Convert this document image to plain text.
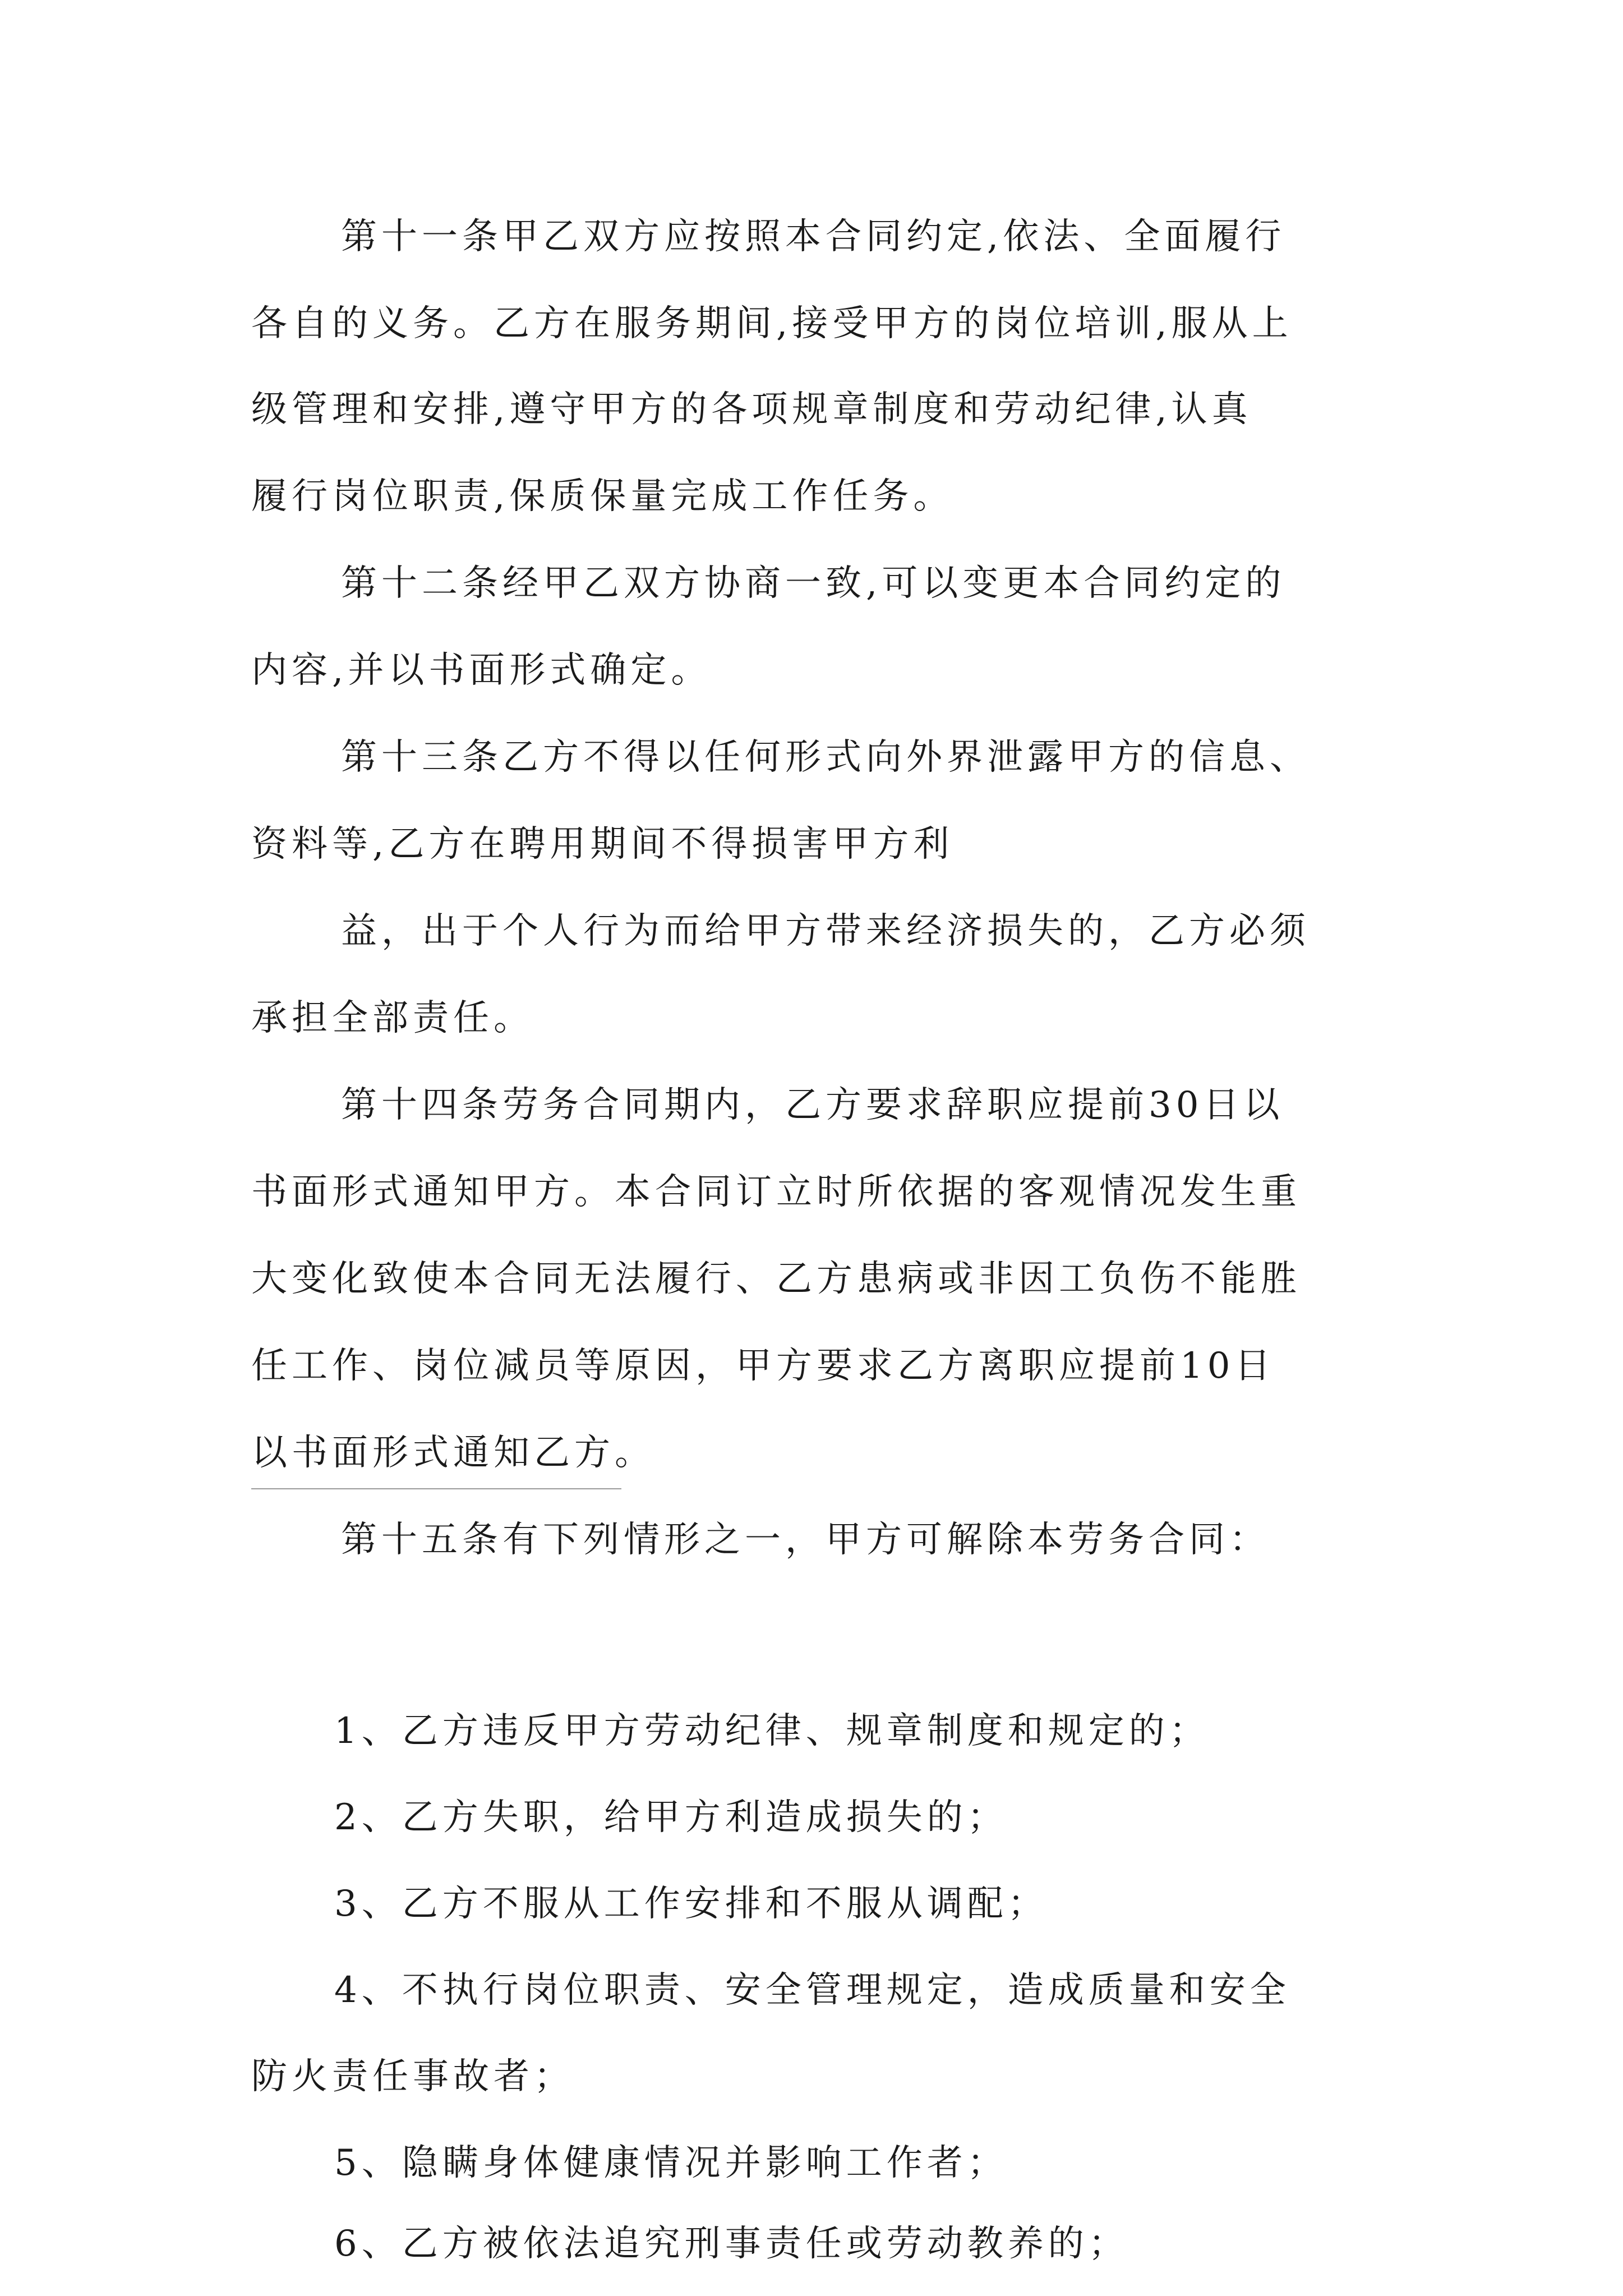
第十一条甲乙双方应按照本合同约定,依法、全面履行
各自的义务。乙方在服务期间,接受甲方的岗位培训,服从上
级管理和安排,遵守甲方的各项规章制度和劳动纪律,认真
履行岗位职责,保质保量完成工作任务。
第十二条经甲乙双方协商一致,可以变更本合同约定的
内容,并以书面形式确定。
第十三条乙方不得以任何形式向外界泄露甲方的信息、
资料等,乙方在聘用期间不得损害甲方利
益，出于个人行为而给甲方带来经济损失的，乙方必须
承担全部责任。
第十四条劳务合同期内，乙方要求辞职应提前30日以
书面形式通知甲方。本合同订立时所依据的客观情况发生重
大变化致使本合同无法履行、乙方患病或非因工负伤不能胜
任工作、岗位减员等原因，甲方要求乙方离职应提前10日
以书面形式通知乙方。
第十五条有下列情形之一，甲方可解除本劳务合同：
1、乙方违反甲方劳动纪律、规章制度和规定的；
2、乙方失职，给甲方利造成损失的；
3、乙方不服从工作安排和不服从调配；
4、不执行岗位职责、安全管理规定，造成质量和安全
防火责任事故者；
5、隐瞒身体健康情况并影响工作者；
6、乙方被依法追究刑事责任或劳动教养的；
